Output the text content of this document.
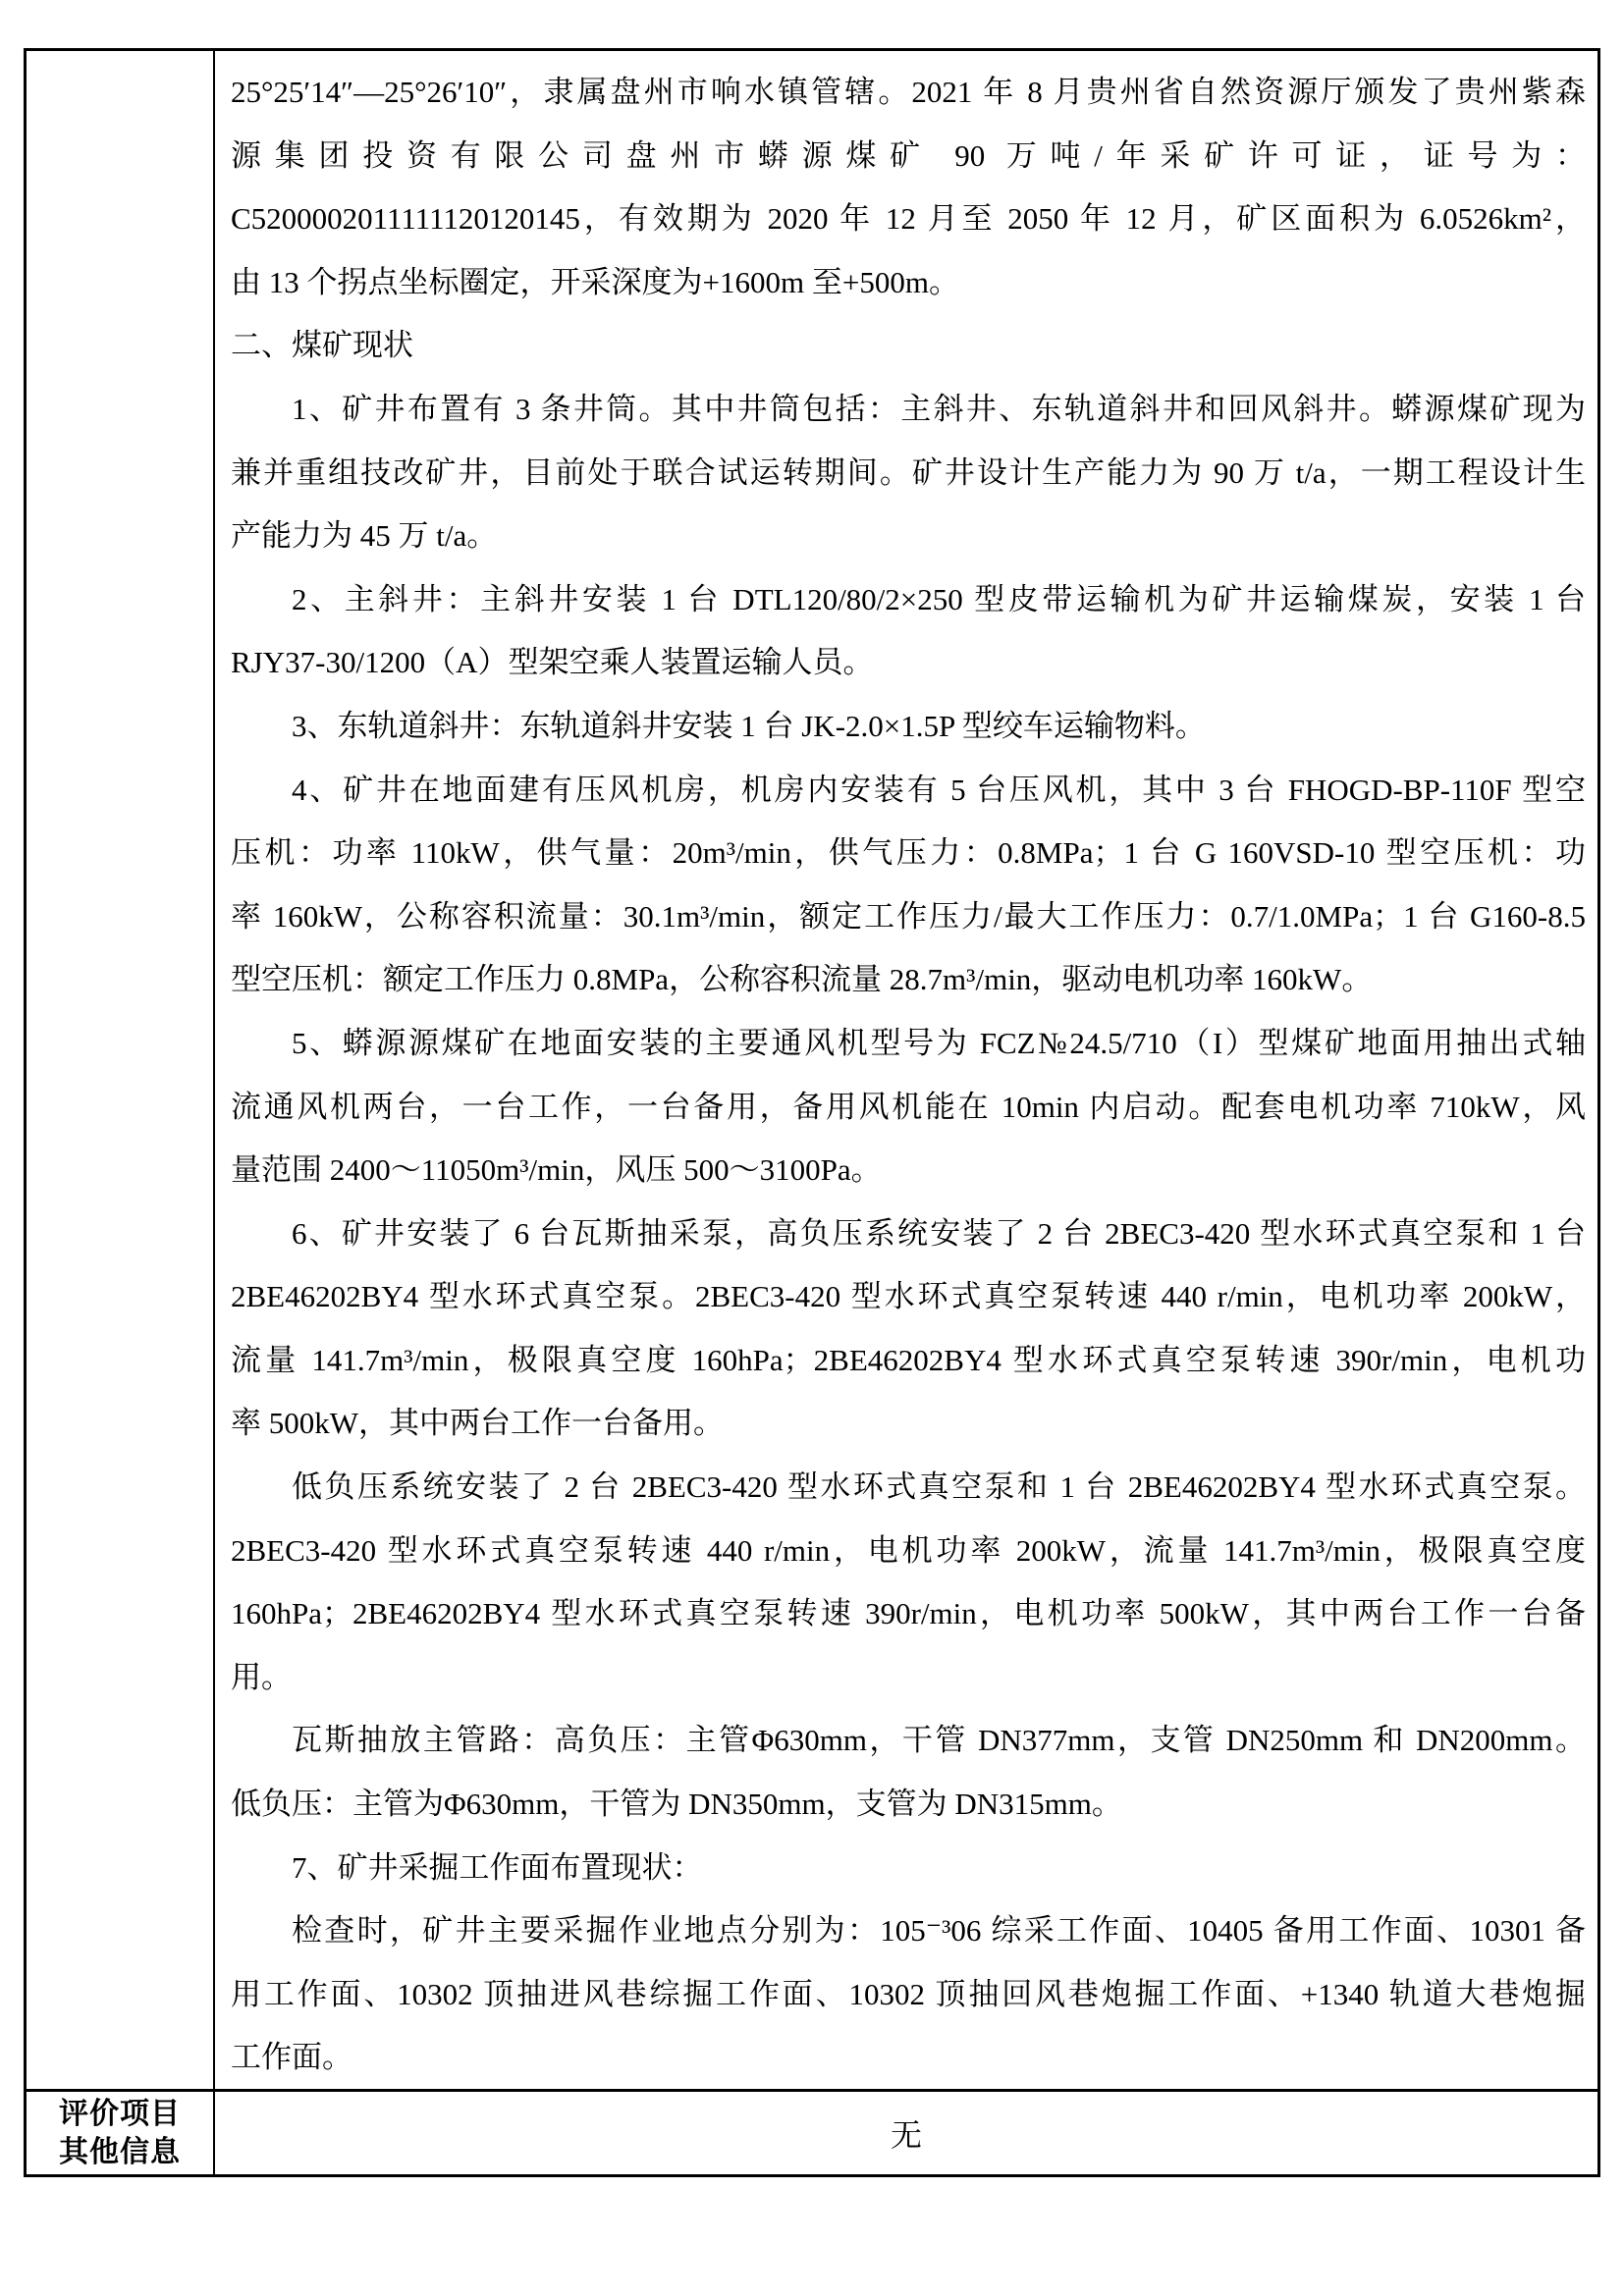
25°25′14″—25°26′10″，隶属盘州市响水镇管辖。2021 年 8 月贵州省自然资源厅颁发了贵州紫森
源集团投资有限公司盘州市蟒源煤矿 90 万吨/年采矿许可证，证号为：
C5200002011111120120145，有效期为 2020 年 12 月至 2050 年 12 月，矿区面积为 6.0526km²，
由 13 个拐点坐标圈定，开采深度为+1600m 至+500m。
二、煤矿现状
1、矿井布置有 3 条井筒。其中井筒包括：主斜井、东轨道斜井和回风斜井。蟒源煤矿现为
兼并重组技改矿井，目前处于联合试运转期间。矿井设计生产能力为 90 万 t/a，一期工程设计生
产能力为 45 万 t/a。
2、主斜井：主斜井安装 1 台 DTL120/80/2×250 型皮带运输机为矿井运输煤炭，安装 1 台
RJY37-30/1200（A）型架空乘人装置运输人员。
3、东轨道斜井：东轨道斜井安装 1 台 JK-2.0×1.5P 型绞车运输物料。
4、矿井在地面建有压风机房，机房内安装有 5 台压风机，其中 3 台 FHOGD-BP-110F 型空
压机：功率 110kW，供气量：20m³/min，供气压力：0.8MPa；1 台 G 160VSD-10 型空压机：功
率 160kW，公称容积流量：30.1m³/min，额定工作压力/最大工作压力：0.7/1.0MPa；1 台 G160-8.5
型空压机：额定工作压力 0.8MPa，公称容积流量 28.7m³/min，驱动电机功率 160kW。
5、蟒源源煤矿在地面安装的主要通风机型号为 FCZ№24.5/710（I）型煤矿地面用抽出式轴
流通风机两台，一台工作，一台备用，备用风机能在 10min 内启动。配套电机功率 710kW，风
量范围 2400～11050m³/min，风压 500～3100Pa。
6、矿井安装了 6 台瓦斯抽采泵，高负压系统安装了 2 台 2BEC3-420 型水环式真空泵和 1 台
2BE46202BY4 型水环式真空泵。2BEC3-420 型水环式真空泵转速 440 r/min，电机功率 200kW，
流量 141.7m³/min，极限真空度 160hPa；2BE46202BY4 型水环式真空泵转速 390r/min，电机功
率 500kW，其中两台工作一台备用。
低负压系统安装了 2 台 2BEC3-420 型水环式真空泵和 1 台 2BE46202BY4 型水环式真空泵。
2BEC3-420 型水环式真空泵转速 440 r/min，电机功率 200kW，流量 141.7m³/min，极限真空度
160hPa；2BE46202BY4 型水环式真空泵转速 390r/min，电机功率 500kW，其中两台工作一台备
用。
瓦斯抽放主管路：高负压：主管Φ630mm，干管 DN377mm，支管 DN250mm 和 DN200mm。
低负压：主管为Φ630mm，干管为 DN350mm，支管为 DN315mm。
7、矿井采掘工作面布置现状：
检查时，矿井主要采掘作业地点分别为：105⁻³06 综采工作面、10405 备用工作面、10301 备
用工作面、10302 顶抽进风巷综掘工作面、10302 顶抽回风巷炮掘工作面、+1340 轨道大巷炮掘
工作面。
评价项目
其他信息	无
